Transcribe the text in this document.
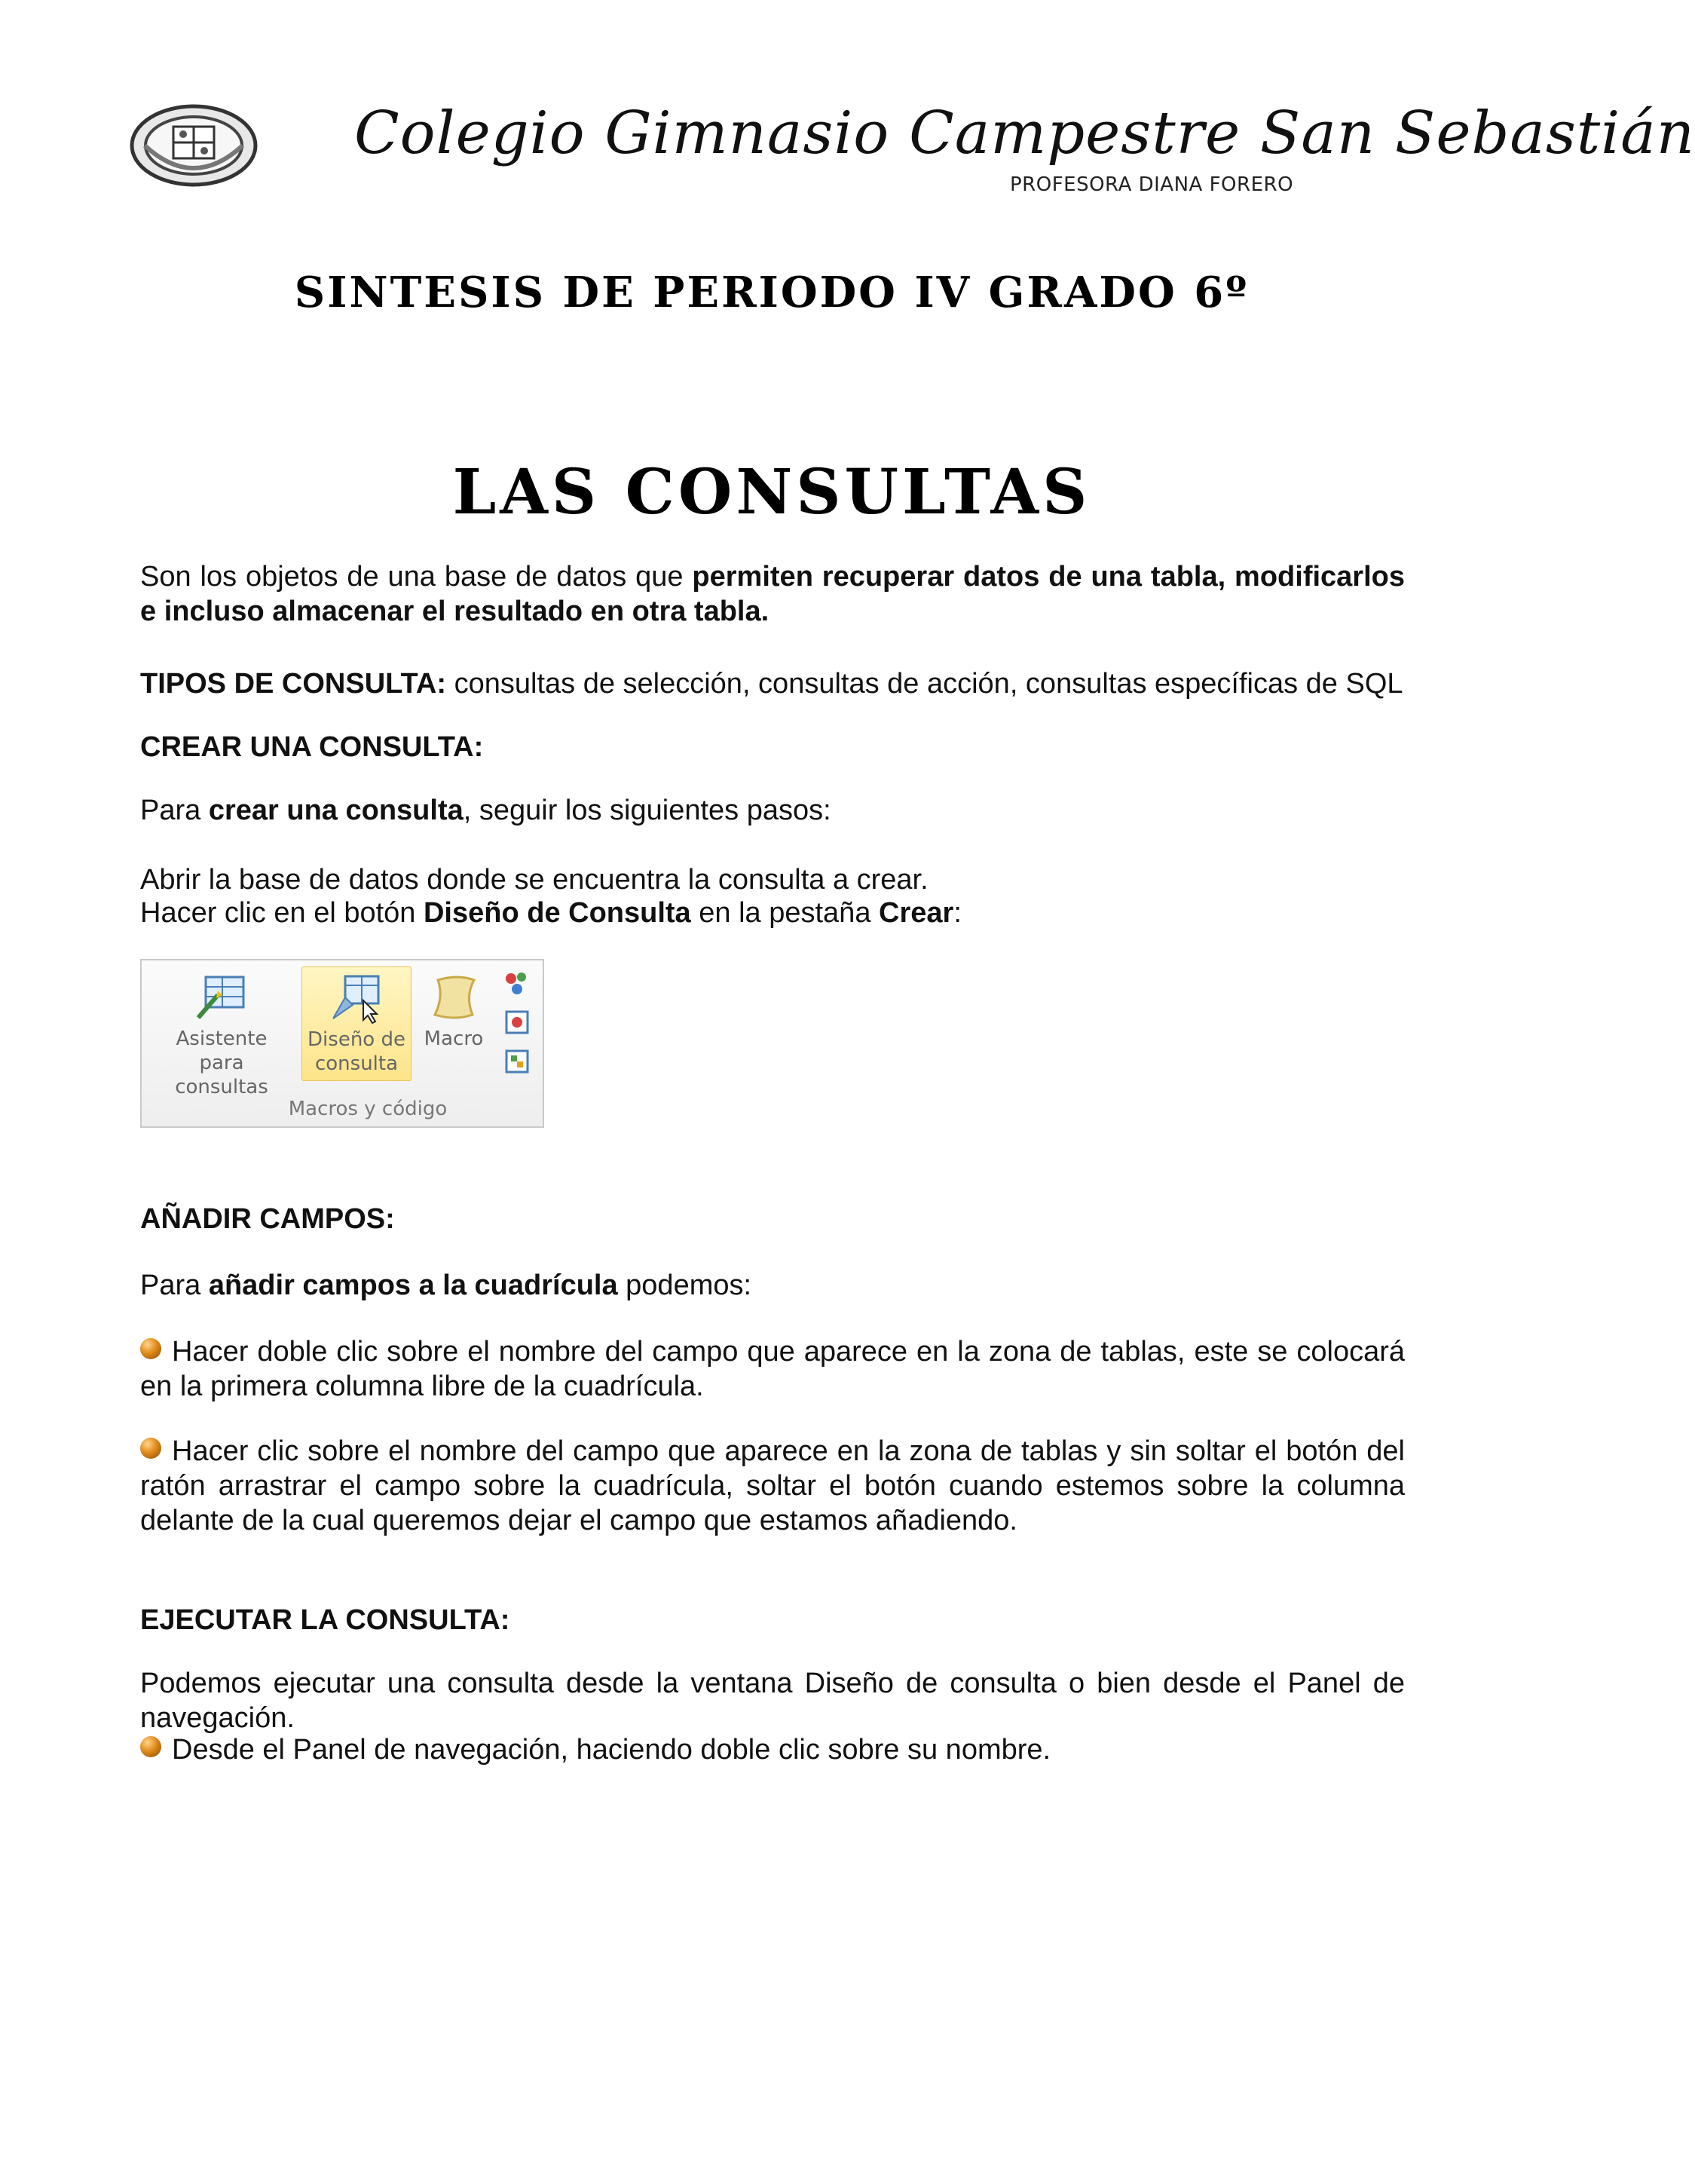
Colegio Gimnasio Campestre San Sebastián
PROFESORA DIANA FORERO
SINTESIS DE PERIODO IV GRADO 6º
LAS CONSULTAS
Son los objetos de una base de datos que permiten recuperar datos de una tabla, modificarlos e incluso almacenar el resultado en otra tabla.
TIPOS DE CONSULTA: consultas de selección, consultas de acción, consultas específicas de SQL
CREAR UNA CONSULTA:
Para crear una consulta, seguir los siguientes pasos:
Abrir la base de datos donde se encuentra la consulta a crear.
Hacer clic en el botón Diseño de Consulta en la pestaña Crear:
Asistente para
consultas
Diseño de
consulta
Macro
Macros y código
AÑADIR CAMPOS:
Para añadir campos a la cuadrícula podemos:
Hacer doble clic sobre el nombre del campo que aparece en la zona de tablas, este se colocará en la primera columna libre de la cuadrícula.
Hacer clic sobre el nombre del campo que aparece en la zona de tablas y sin soltar el botón del ratón arrastrar el campo sobre la cuadrícula, soltar el botón cuando estemos sobre la columna delante de la cual queremos dejar el campo que estamos añadiendo.
EJECUTAR LA CONSULTA:
Podemos ejecutar una consulta desde la ventana Diseño de consulta o bien desde el Panel de navegación.
Desde el Panel de navegación, haciendo doble clic sobre su nombre.
